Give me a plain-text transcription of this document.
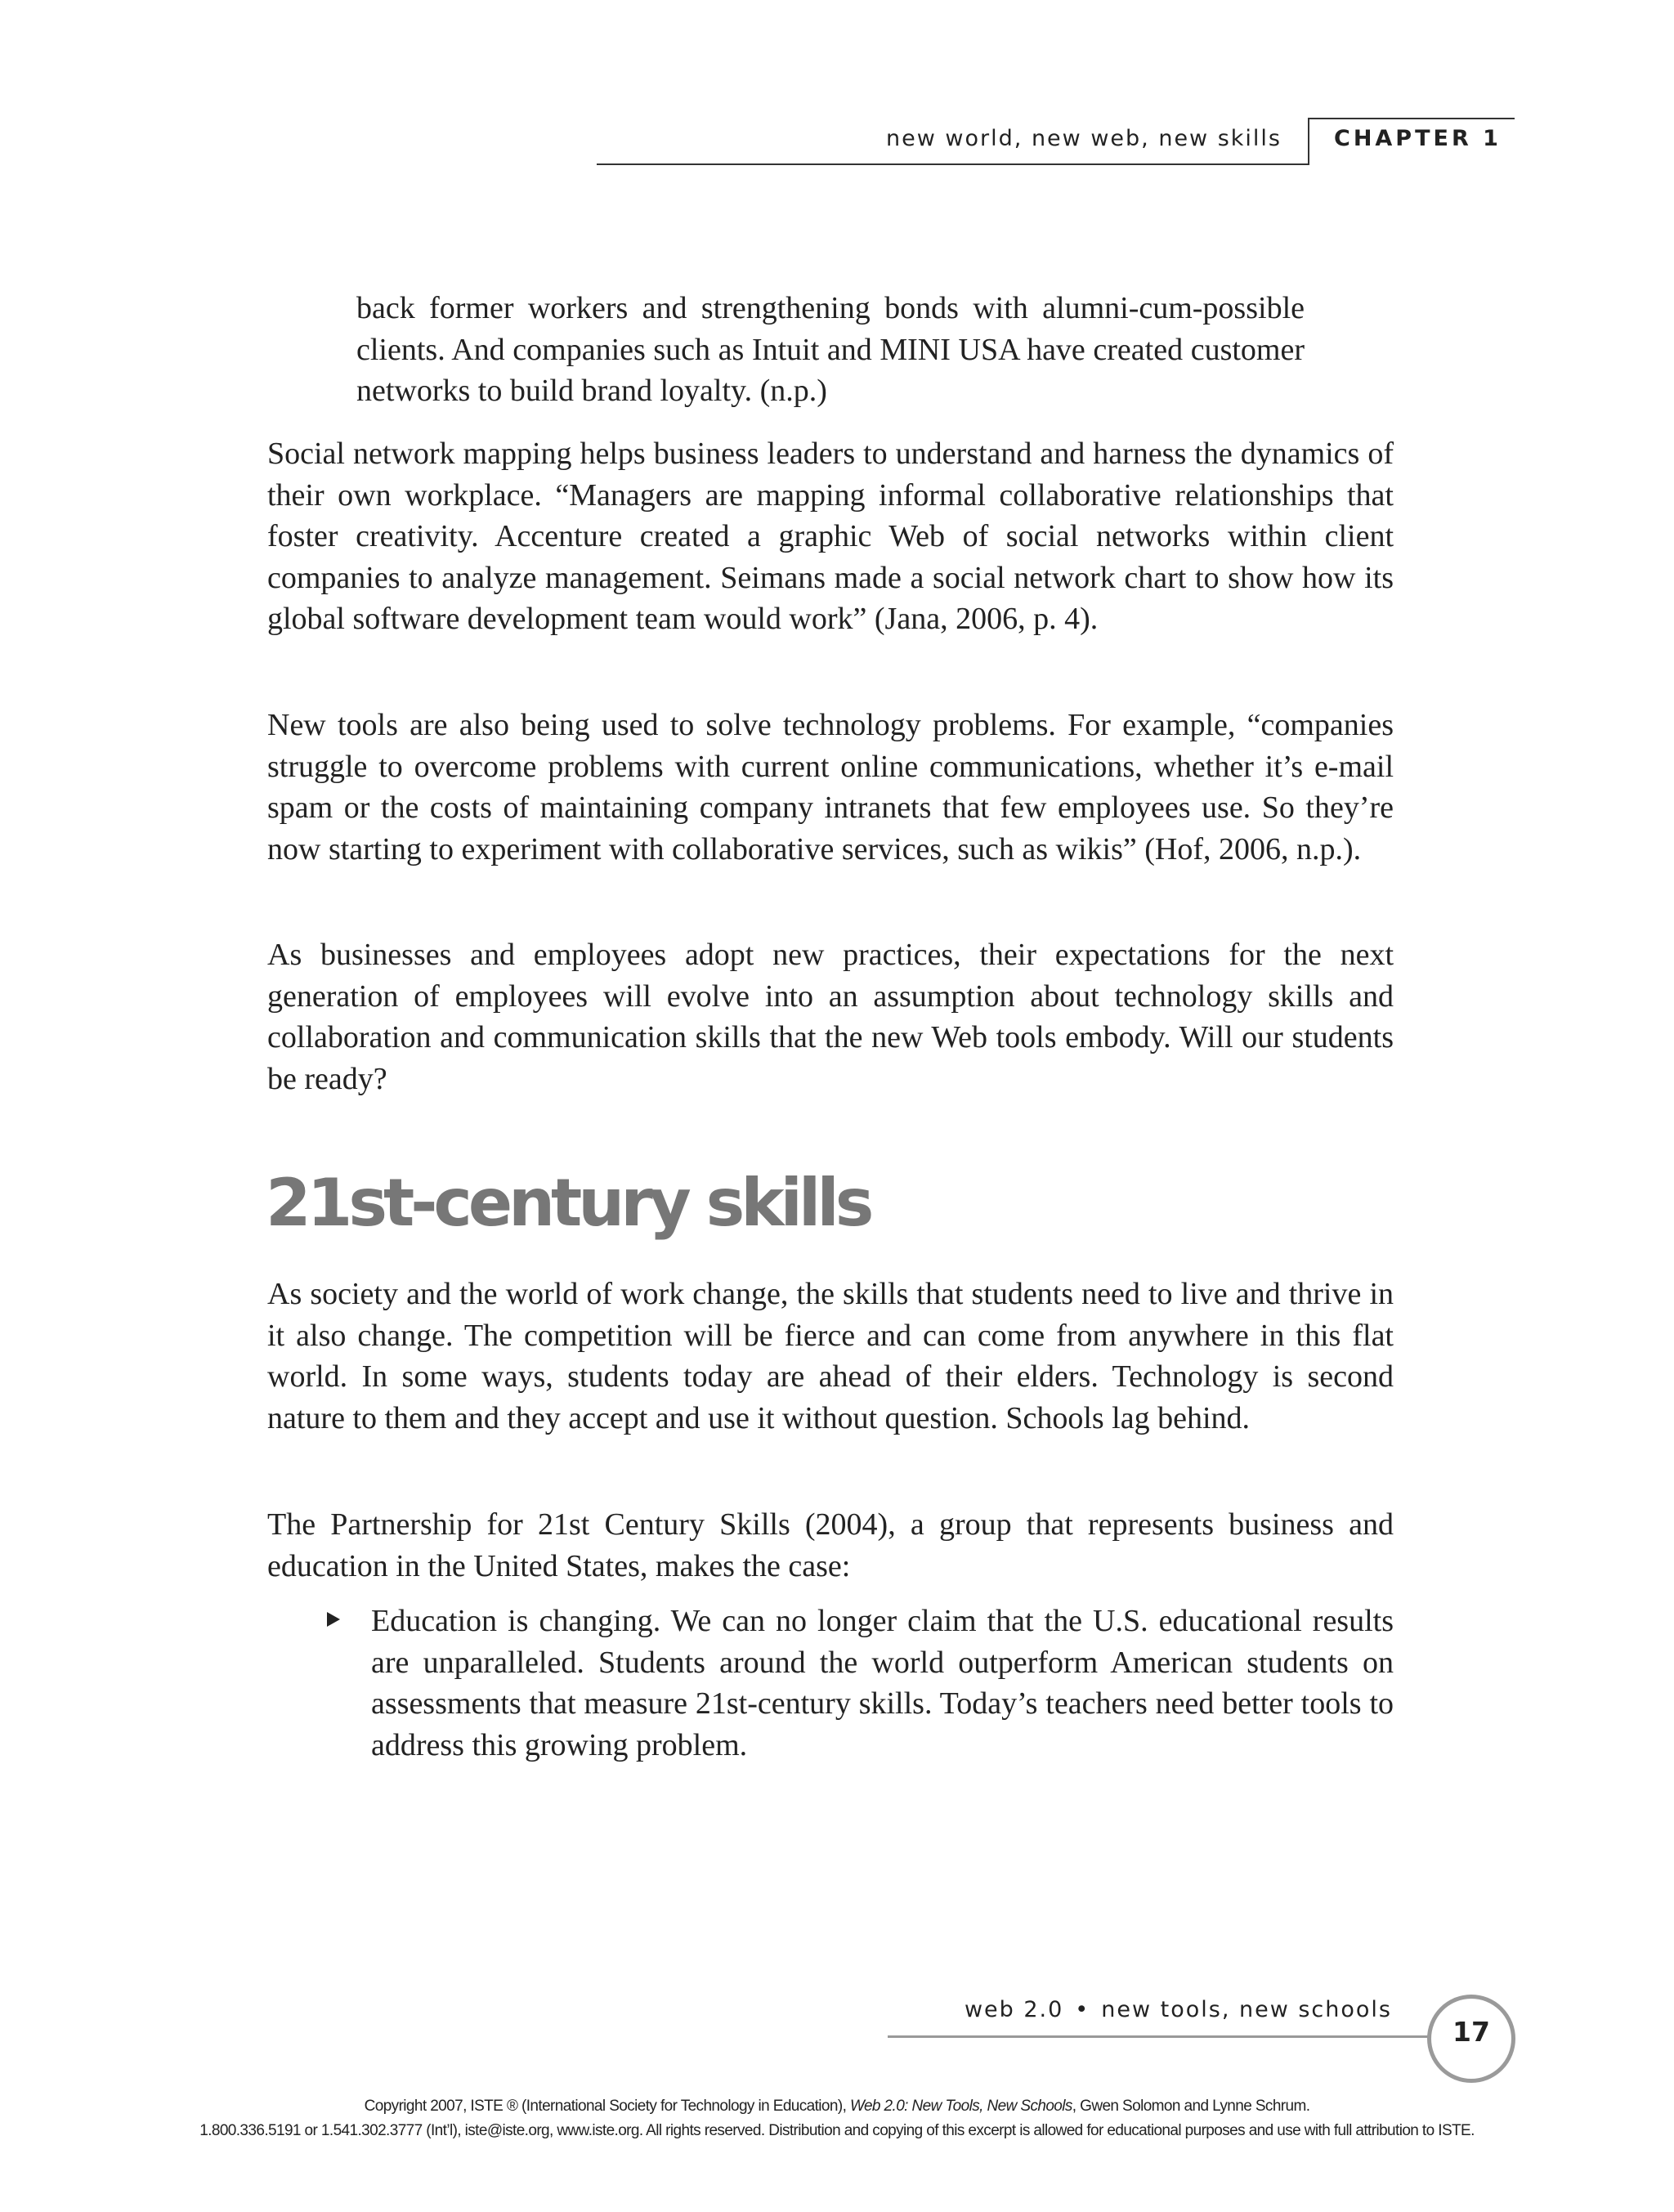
new world, new web, new skills CHAPTER 1

back former workers and strengthening bonds with alumni-cum-possible clients. And companies such as Intuit and MINI USA have created customer networks to build brand loyalty. (n.p.)

Social network mapping helps business leaders to understand and harness the dynamics of their own workplace. “Managers are mapping informal collaborative relationships that foster creativity. Accenture created a graphic Web of social networks within client companies to analyze management. Seimans made a social network chart to show how its global software development team would work” (Jana, 2006, p. 4).

New tools are also being used to solve technology problems. For example, “companies struggle to overcome problems with current online communications, whether it’s e-mail spam or the costs of maintaining company intranets that few employees use. So they’re now starting to experiment with collaborative services, such as wikis” (Hof, 2006, n.p.).

As businesses and employees adopt new practices, their expectations for the next generation of employees will evolve into an assumption about technology skills and collaboration and communication skills that the new Web tools embody. Will our students be ready?

21st-century skills

As society and the world of work change, the skills that students need to live and thrive in it also change. The competition will be fierce and can come from anywhere in this flat world. In some ways, students today are ahead of their elders. Technology is second nature to them and they accept and use it without question. Schools lag behind.

The Partnership for 21st Century Skills (2004), a group that represents business and education in the United States, makes the case:

Education is changing. We can no longer claim that the U.S. educational results are unparalleled. Students around the world outperform American students on assessments that measure 21st-century skills. Today’s teachers need better tools to address this growing problem.

web 2.0 • new tools, new schools
17
Copyright 2007, ISTE ® (International Society for Technology in Education), Web 2.0: New Tools, New Schools, Gwen Solomon and Lynne Schrum.
1.800.336.5191 or 1.541.302.3777 (Int’l), iste@iste.org, www.iste.org. All rights reserved. Distribution and copying of this excerpt is allowed for educational purposes and use with full attribution to ISTE.
